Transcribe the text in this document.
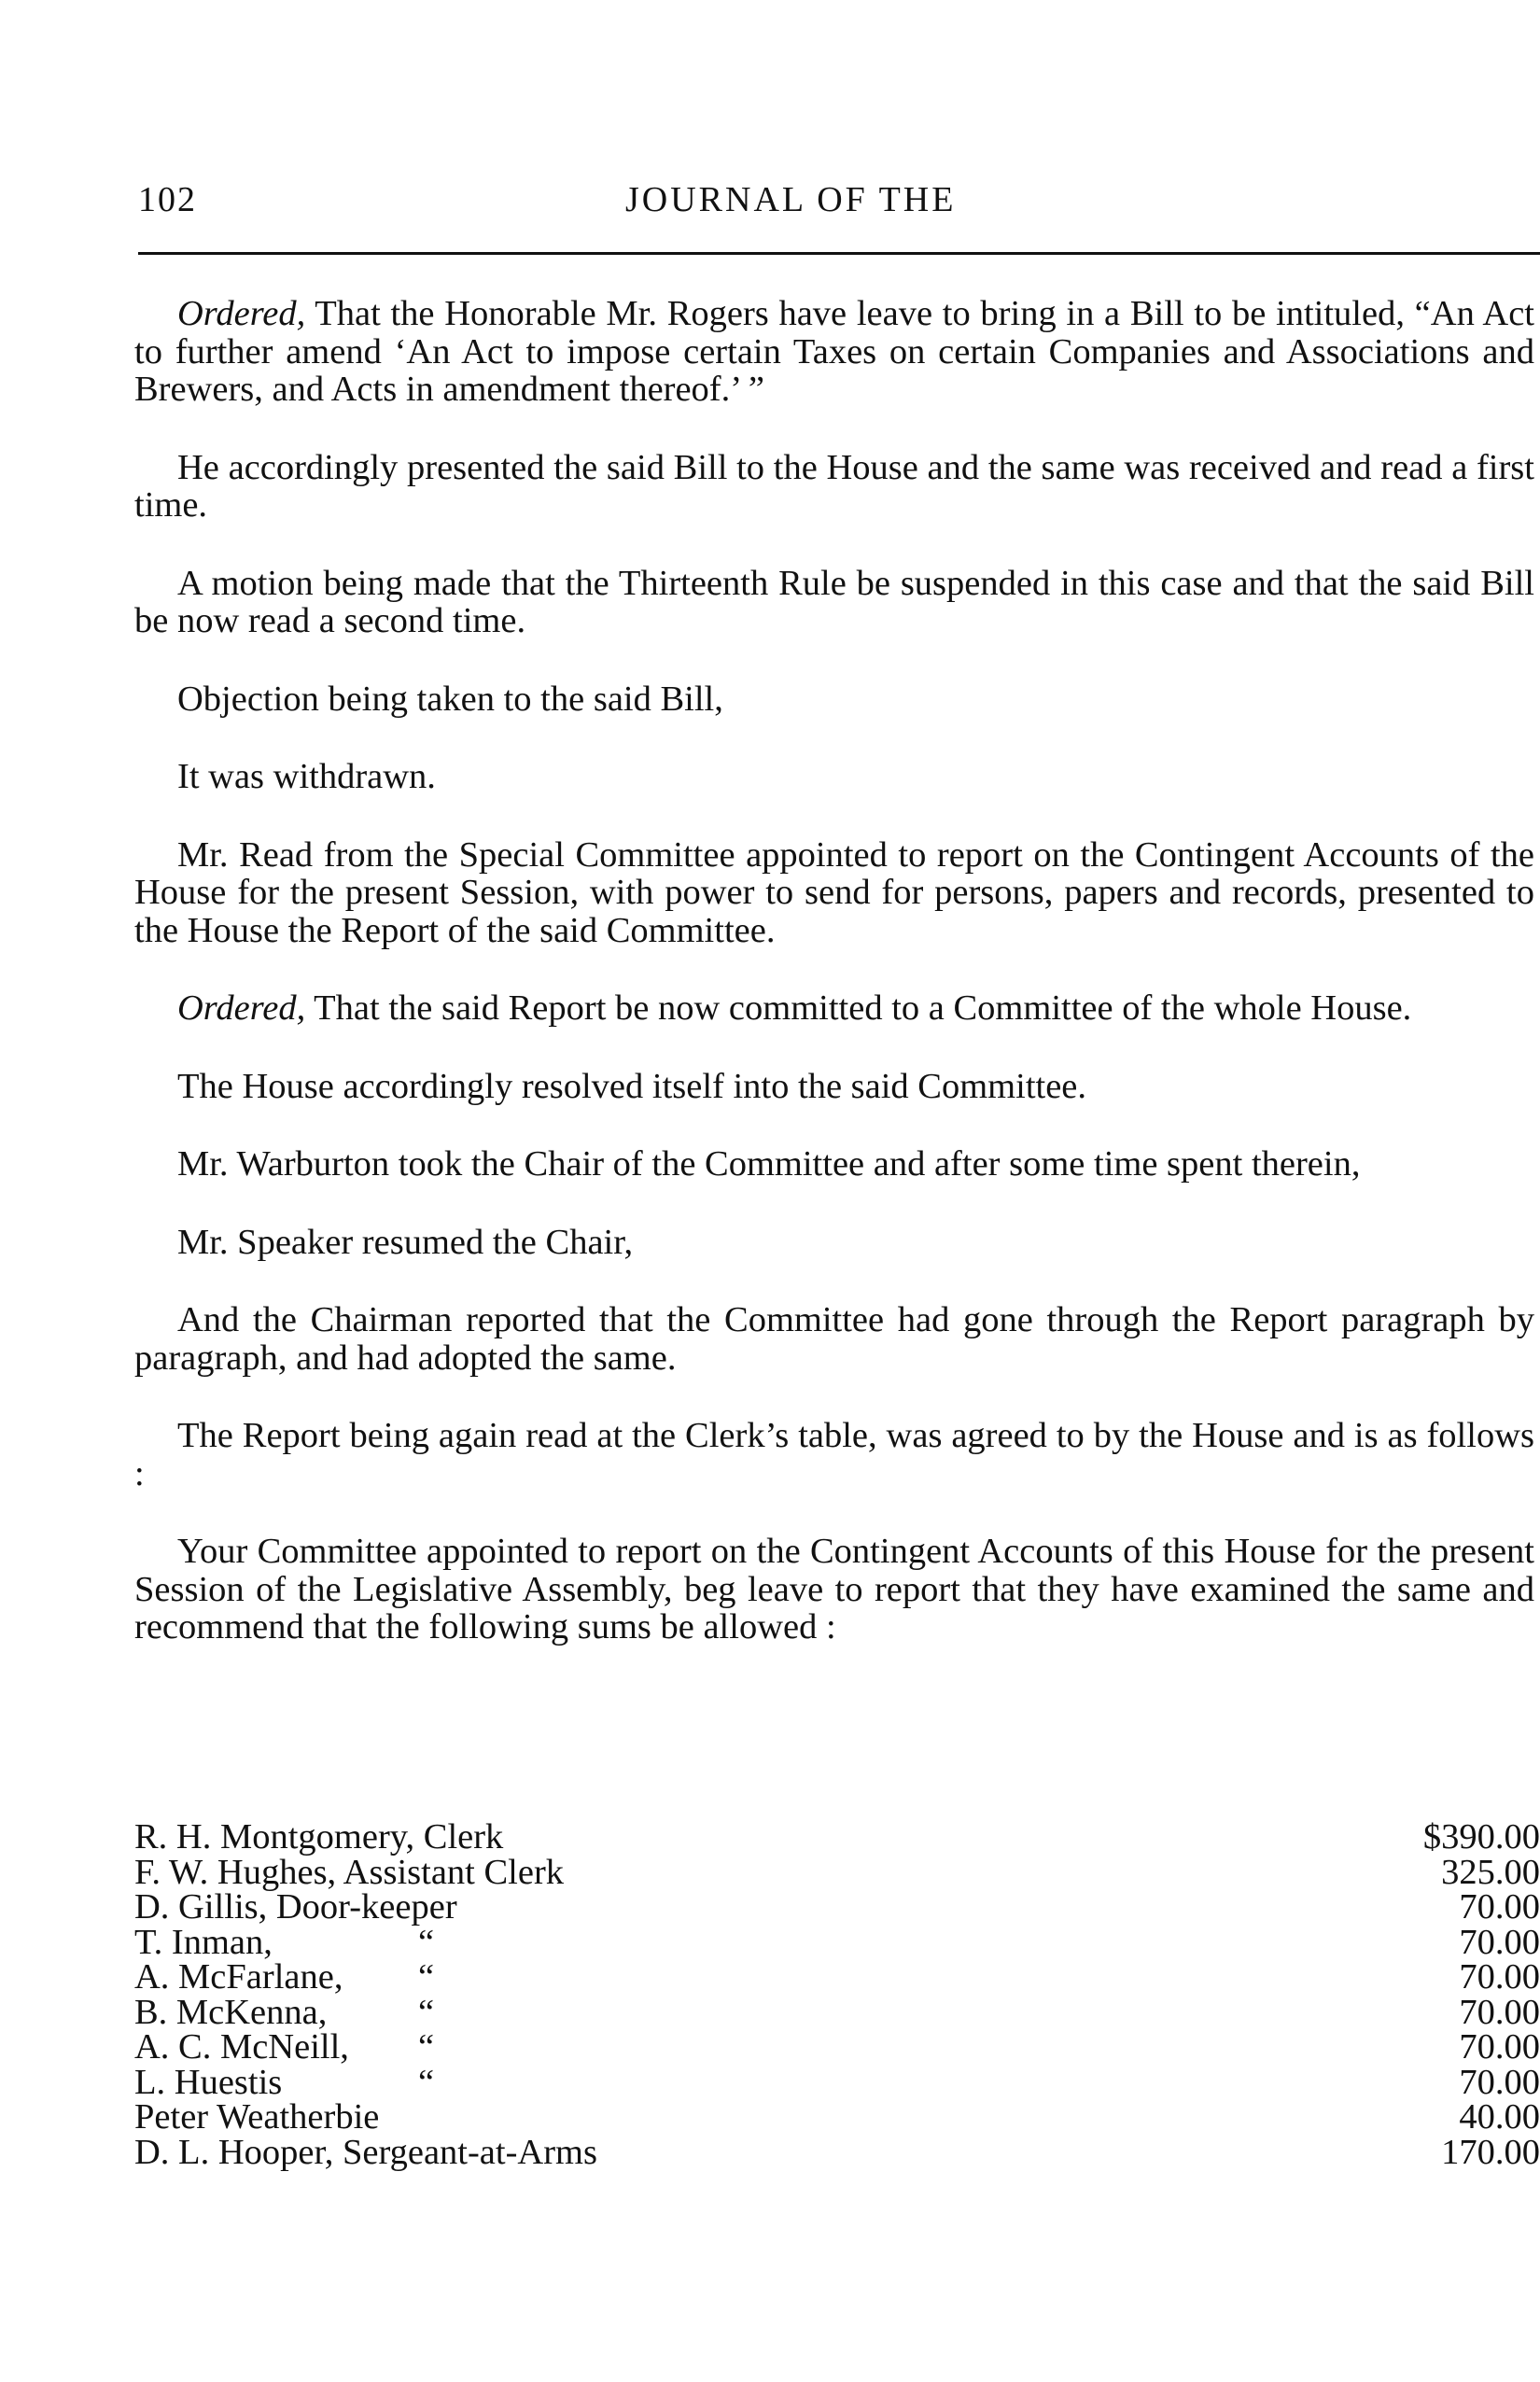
102	JOURNAL OF THE

Ordered, That the Honorable Mr. Rogers have leave to bring in a Bill to be intituled, “An Act to further amend ‘An Act to impose certain Taxes on certain Companies and Associations and Brewers, and Acts in amendment thereof.’ ”

He accordingly presented the said Bill to the House and the same was received and read a first time.

A motion being made that the Thirteenth Rule be suspended in this case and that the said Bill be now read a second time.

Objection being taken to the said Bill,

It was withdrawn.

Mr. Read from the Special Committee appointed to report on the Contingent Accounts of the House for the present Session, with power to send for persons, papers and records, presented to the House the Report of the said Committee.

Ordered, That the said Report be now committed to a Committee of the whole House.

The House accordingly resolved itself into the said Committee.

Mr. Warburton took the Chair of the Committee and after some time spent therein,

Mr. Speaker resumed the Chair,

And the Chairman reported that the Committee had gone through the Report paragraph by paragraph, and had adopted the same.

The Report being again read at the Clerk’s table, was agreed to by the House and is as follows :

Your Committee appointed to report on the Contingent Accounts of this House for the present Session of the Legislative Assembly, beg leave to report that they have examined the same and recommend that the following sums be allowed :

R. H. Montgomery, Clerk	$390.00
F. W. Hughes, Assistant Clerk	325.00
D. Gillis, Door-keeper	70.00
T. Inman,	“	70.00
A. McFarlane, “	70.00
B. McKenna,	“	70.00
A. C. McNeill, “	70.00
L. Huestis	“	70.00
Peter Weatherbie	40.00
D. L. Hooper, Sergeant-at-Arms	170.00
